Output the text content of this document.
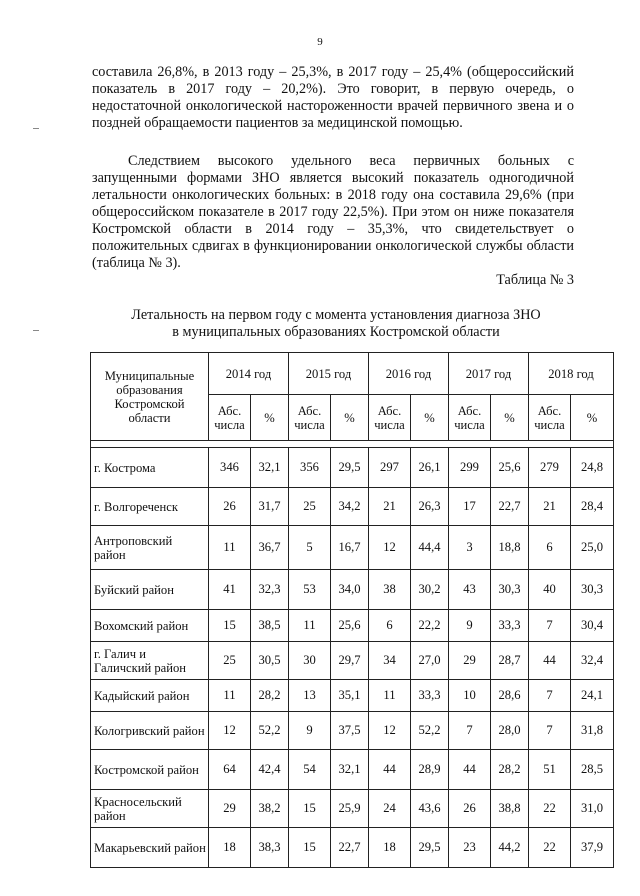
9

составила 26,8%, в 2013 году – 25,3%, в 2017 году – 25,4% (общероссийский показатель в 2017 году – 20,2%). Это говорит, в первую очередь, о недостаточной онкологической настороженности врачей первичного звена и о поздней обращаемости пациентов за медицинской помощью.

Следствием высокого удельного веса первичных больных с запущенными формами ЗНО является высокий показатель одногодичной летальности онкологических больных: в 2018 году она составила 29,6% (при общероссийском показателе в 2017 году 22,5%). При этом он ниже показателя Костромской области в 2014 году – 35,3%, что свидетельствует о положительных сдвигах в функционировании онкологической службы области (таблица № 3).

Таблица № 3
Летальность на первом году с момента установления диагноза ЗНО
в муниципальных образованиях Костромской области
Муниципальные образования Костромской области	2014 год		2015 год		2016 год		2017 год		2018 год	
	Абс. числа	%	Абс. числа	%	Абс. числа	%	Абс. числа	%	Абс. числа	%

г. Кострома	346	32,1	356	29,5	297	26,1	299	25,6	279	24,8
г. Волгореченск	26	31,7	25	34,2	21	26,3	17	22,7	21	28,4
Антроповский район	11	36,7	5	16,7	12	44,4	3	18,8	6	25,0
Буйский район	41	32,3	53	34,0	38	30,2	43	30,3	40	30,3
Вохомский район	15	38,5	11	25,6	6	22,2	9	33,3	7	30,4
г. Галич и Галичский район	25	30,5	30	29,7	34	27,0	29	28,7	44	32,4
Кадыйский район	11	28,2	13	35,1	11	33,3	10	28,6	7	24,1
Кологривский район	12	52,2	9	37,5	12	52,2	7	28,0	7	31,8
Костромской район	64	42,4	54	32,1	44	28,9	44	28,2	51	28,5
Красносельский район	29	38,2	15	25,9	24	43,6	26	38,8	22	31,0
Макарьевский район	18	38,3	15	22,7	18	29,5	23	44,2	22	37,9
